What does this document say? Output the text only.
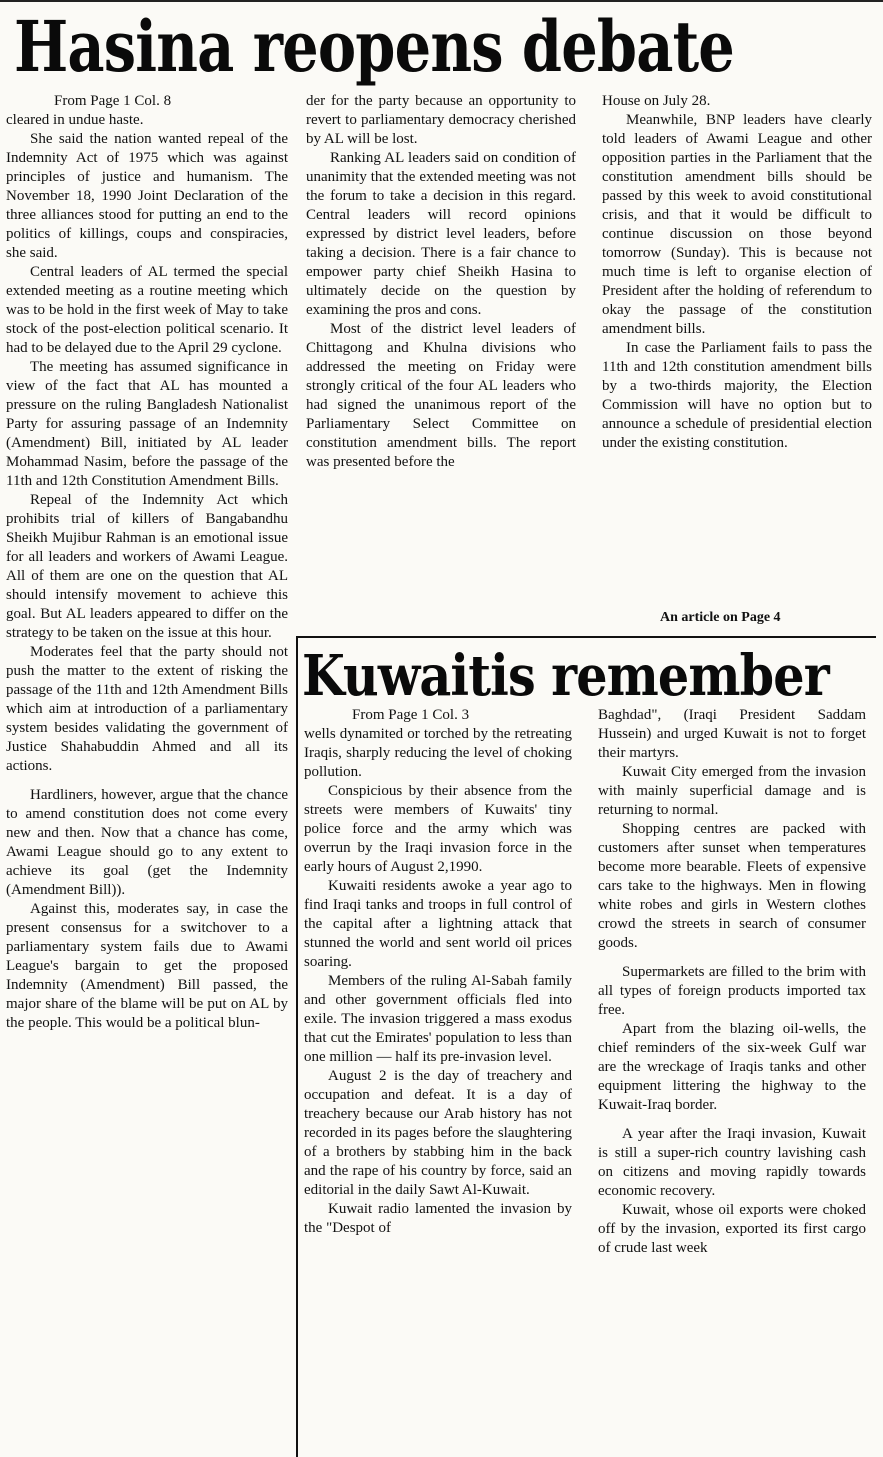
Hasina reopens debate
From Page 1 Col. 8

cleared in undue haste.

She said the nation wanted repeal of the Indemnity Act of 1975 which was against principles of justice and humanism. The November 18, 1990 Joint Declaration of the three alliances stood for putting an end to the politics of killings, coups and conspiracies, she said.

Central leaders of AL termed the special extended meeting as a routine meeting which was to be hold in the first week of May to take stock of the post-election political scenario. It had to be delayed due to the April 29 cyclone.

The meeting has assumed significance in view of the fact that AL has mounted a pressure on the ruling Bangladesh Nationalist Party for assuring passage of an Indemnity (Amendment) Bill, initiated by AL leader Mohammad Nasim, before the passage of the 11th and 12th Constitution Amendment Bills.

Repeal of the Indemnity Act which prohibits trial of killers of Bangabandhu Sheikh Mujibur Rahman is an emotional issue for all leaders and workers of Awami League. All of them are one on the question that AL should intensify movement to achieve this goal. But AL leaders appeared to differ on the strategy to be taken on the issue at this hour.

Moderates feel that the party should not push the matter to the extent of risking the passage of the 11th and 12th Amendment Bills which aim at introduction of a parliamentary system besides validating the government of Justice Shahabuddin Ahmed and all its actions.

Hardliners, however, argue that the chance to amend constitution does not come every new and then. Now that a chance has come, Awami League should go to any extent to achieve its goal (get the Indemnity (Amendment Bill)).

Against this, moderates say, in case the present consensus for a switchover to a parliamentary system fails due to Awami League's bargain to get the proposed Indemnity (Amendment) Bill passed, the major share of the blame will be put on AL by the people. This would be a political blun-

der for the party because an opportunity to revert to parliamentary democracy cherished by AL will be lost.

Ranking AL leaders said on condition of unanimity that the extended meeting was not the forum to take a decision in this regard. Central leaders will record opinions expressed by district level leaders, before taking a decision. There is a fair chance to empower party chief Sheikh Hasina to ultimately decide on the question by examining the pros and cons.

Most of the district level leaders of Chittagong and Khulna divisions who addressed the meeting on Friday were strongly critical of the four AL leaders who had signed the unanimous report of the Parliamentary Select Committee on constitution amendment bills. The report was presented before the

House on July 28.

Meanwhile, BNP leaders have clearly told leaders of Awami League and other opposition parties in the Parliament that the constitution amendment bills should be passed by this week to avoid constitutional crisis, and that it would be difficult to continue discussion on those beyond tomorrow (Sunday). This is because not much time is left to organise election of President after the holding of referendum to okay the passage of the constitution amendment bills.

In case the Parliament fails to pass the 11th and 12th constitution amendment bills by a two-thirds majority, the Election Commission will have no option but to announce a schedule of presidential election under the existing constitution.

An article on Page 4
Kuwaitis remember
From Page 1 Col. 3

wells dynamited or torched by the retreating Iraqis, sharply reducing the level of choking pollution.

Conspicious by their absence from the streets were members of Kuwaits' tiny police force and the army which was overrun by the Iraqi invasion force in the early hours of August 2,1990.

Kuwaiti residents awoke a year ago to find Iraqi tanks and troops in full control of the capital after a lightning attack that stunned the world and sent world oil prices soaring.

Members of the ruling Al-Sabah family and other government officials fled into exile. The invasion triggered a mass exodus that cut the Emirates' population to less than one million — half its pre-invasion level.

August 2 is the day of treachery and occupation and defeat. It is a day of treachery because our Arab history has not recorded in its pages before the slaughtering of a brothers by stabbing him in the back and the rape of his country by force, said an editorial in the daily Sawt Al-Kuwait.

Kuwait radio lamented the invasion by the "Despot of

Baghdad", (Iraqi President Saddam Hussein) and urged Kuwait is not to forget their martyrs.

Kuwait City emerged from the invasion with mainly superficial damage and is returning to normal.

Shopping centres are packed with customers after sunset when temperatures become more bearable. Fleets of expensive cars take to the highways. Men in flowing white robes and girls in Western clothes crowd the streets in search of consumer goods.

Supermarkets are filled to the brim with all types of foreign products imported tax free.

Apart from the blazing oil-wells, the chief reminders of the six-week Gulf war are the wreckage of Iraqis tanks and other equipment littering the highway to the Kuwait-Iraq border.

A year after the Iraqi invasion, Kuwait is still a super-rich country lavishing cash on citizens and moving rapidly towards economic recovery.

Kuwait, whose oil exports were choked off by the invasion, exported its first cargo of crude last week
